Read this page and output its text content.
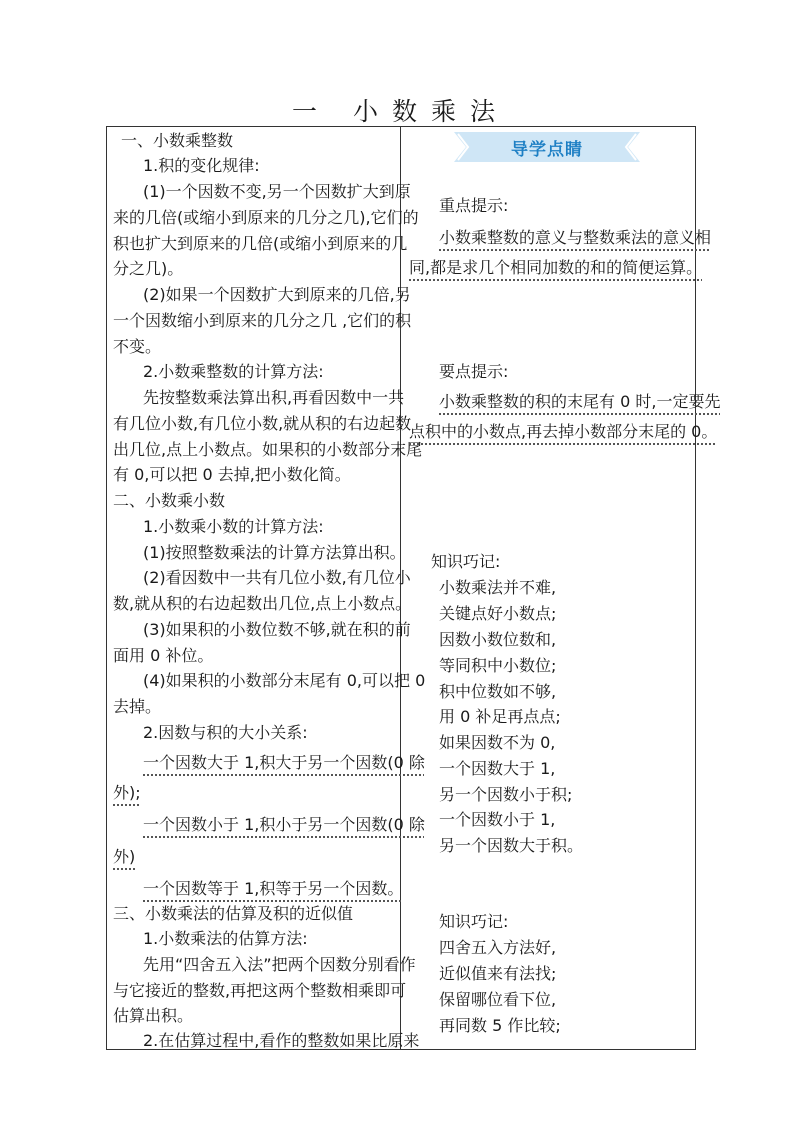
一 小数乘法
一、小数乘整数
1.积的变化规律:
(1)一个因数不变,另一个因数扩大到原
来的几倍(或缩小到原来的几分之几),它们的
积也扩大到原来的几倍(或缩小到原来的几
分之几)。
(2)如果一个因数扩大到原来的几倍,另
一个因数缩小到原来的几分之几 ,它们的积
不变。
2.小数乘整数的计算方法:
先按整数乘法算出积,再看因数中一共
有几位小数,有几位小数,就从积的右边起数
出几位,点上小数点。如果积的小数部分末尾
有 0,可以把 0 去掉,把小数化简。
二、小数乘小数
1.小数乘小数的计算方法:
(1)按照整数乘法的计算方法算出积。
(2)看因数中一共有几位小数,有几位小
数,就从积的右边起数出几位,点上小数点。
(3)如果积的小数位数不够,就在积的前
面用 0 补位。
(4)如果积的小数部分末尾有 0,可以把 0
去掉。
2.因数与积的大小关系:
一个因数大于 1,积大于另一个因数(0 除
外);
一个因数小于 1,积小于另一个因数(0 除
外)
一个因数等于 1,积等于另一个因数。
三、小数乘法的估算及积的近似值
1.小数乘法的估算方法:
先用“四舍五入法”把两个因数分别看作
与它接近的整数,再把这两个整数相乘即可
估算出积。
2.在估算过程中,看作的整数如果比原来
导学点睛
重点提示:
小数乘整数的意义与整数乘法的意义相
同,都是求几个相同加数的和的简便运算。
要点提示:
小数乘整数的积的末尾有 0 时,一定要先
点积中的小数点,再去掉小数部分末尾的 0。
知识巧记:
小数乘法并不难,
关键点好小数点;
因数小数位数和,
等同积中小数位;
积中位数如不够,
用 0 补足再点点;
如果因数不为 0,
一个因数大于 1,
另一个因数小于积;
一个因数小于 1,
另一个因数大于积。
知识巧记:
四舍五入方法好,
近似值来有法找;
保留哪位看下位,
再同数 5 作比较;
